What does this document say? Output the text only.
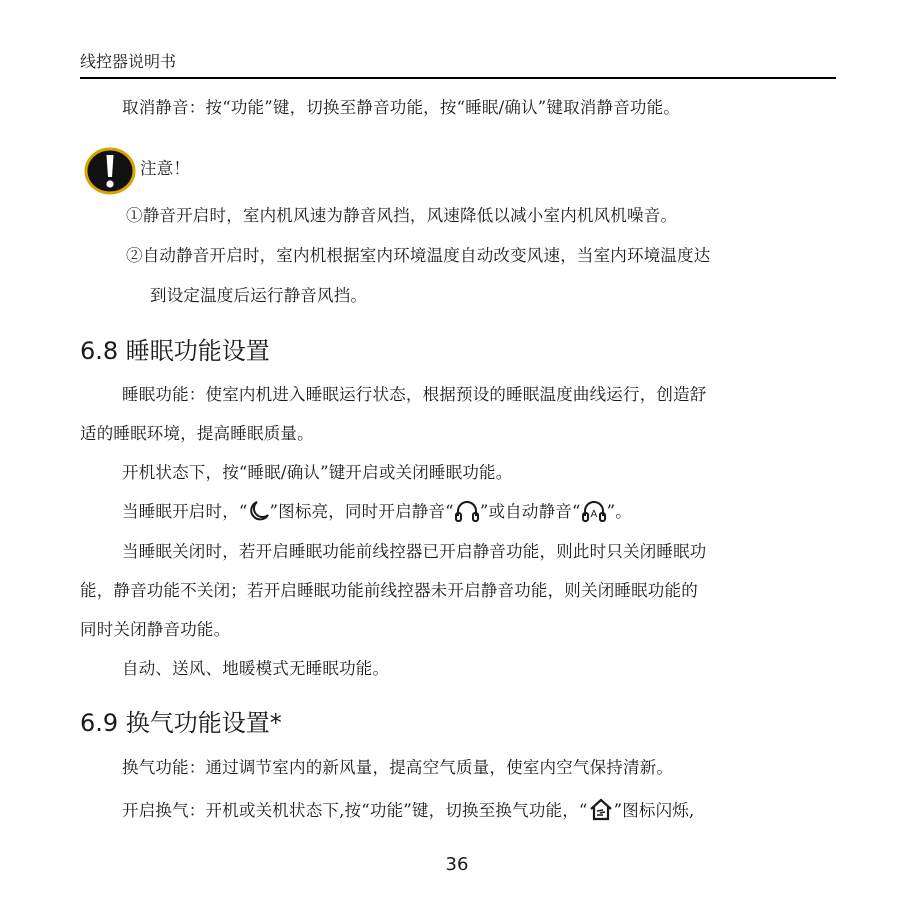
线控器说明书
取消静音：按“功能”键，切换至静音功能，按“睡眠/确认”键取消静音功能。
注意！
①静音开启时，室内机风速为静音风挡，风速降低以减小室内机风机噪音。
②自动静音开启时，室内机根据室内环境温度自动改变风速，当室内环境温度达
到设定温度后运行静音风挡。
6.8 睡眠功能设置
睡眠功能：使室内机进入睡眠运行状态，根据预设的睡眠温度曲线运行，创造舒
适的睡眠环境，提高睡眠质量。
开机状态下，按“睡眠/确认”键开启或关闭睡眠功能。
当睡眠开启时，“ ”图标亮，同时开启静音“ ”或自动静音“ A ”。
当睡眠关闭时，若开启睡眠功能前线控器已开启静音功能，则此时只关闭睡眠功
能，静音功能不关闭；若开启睡眠功能前线控器未开启静音功能，则关闭睡眠功能的
同时关闭静音功能。
自动、送风、地暖模式无睡眠功能。
6.9 换气功能设置*
换气功能：通过调节室内的新风量，提高空气质量，使室内空气保持清新。
开启换气：开机或关机状态下,按“功能”键，切换至换气功能，“ ”图标闪烁,
36
